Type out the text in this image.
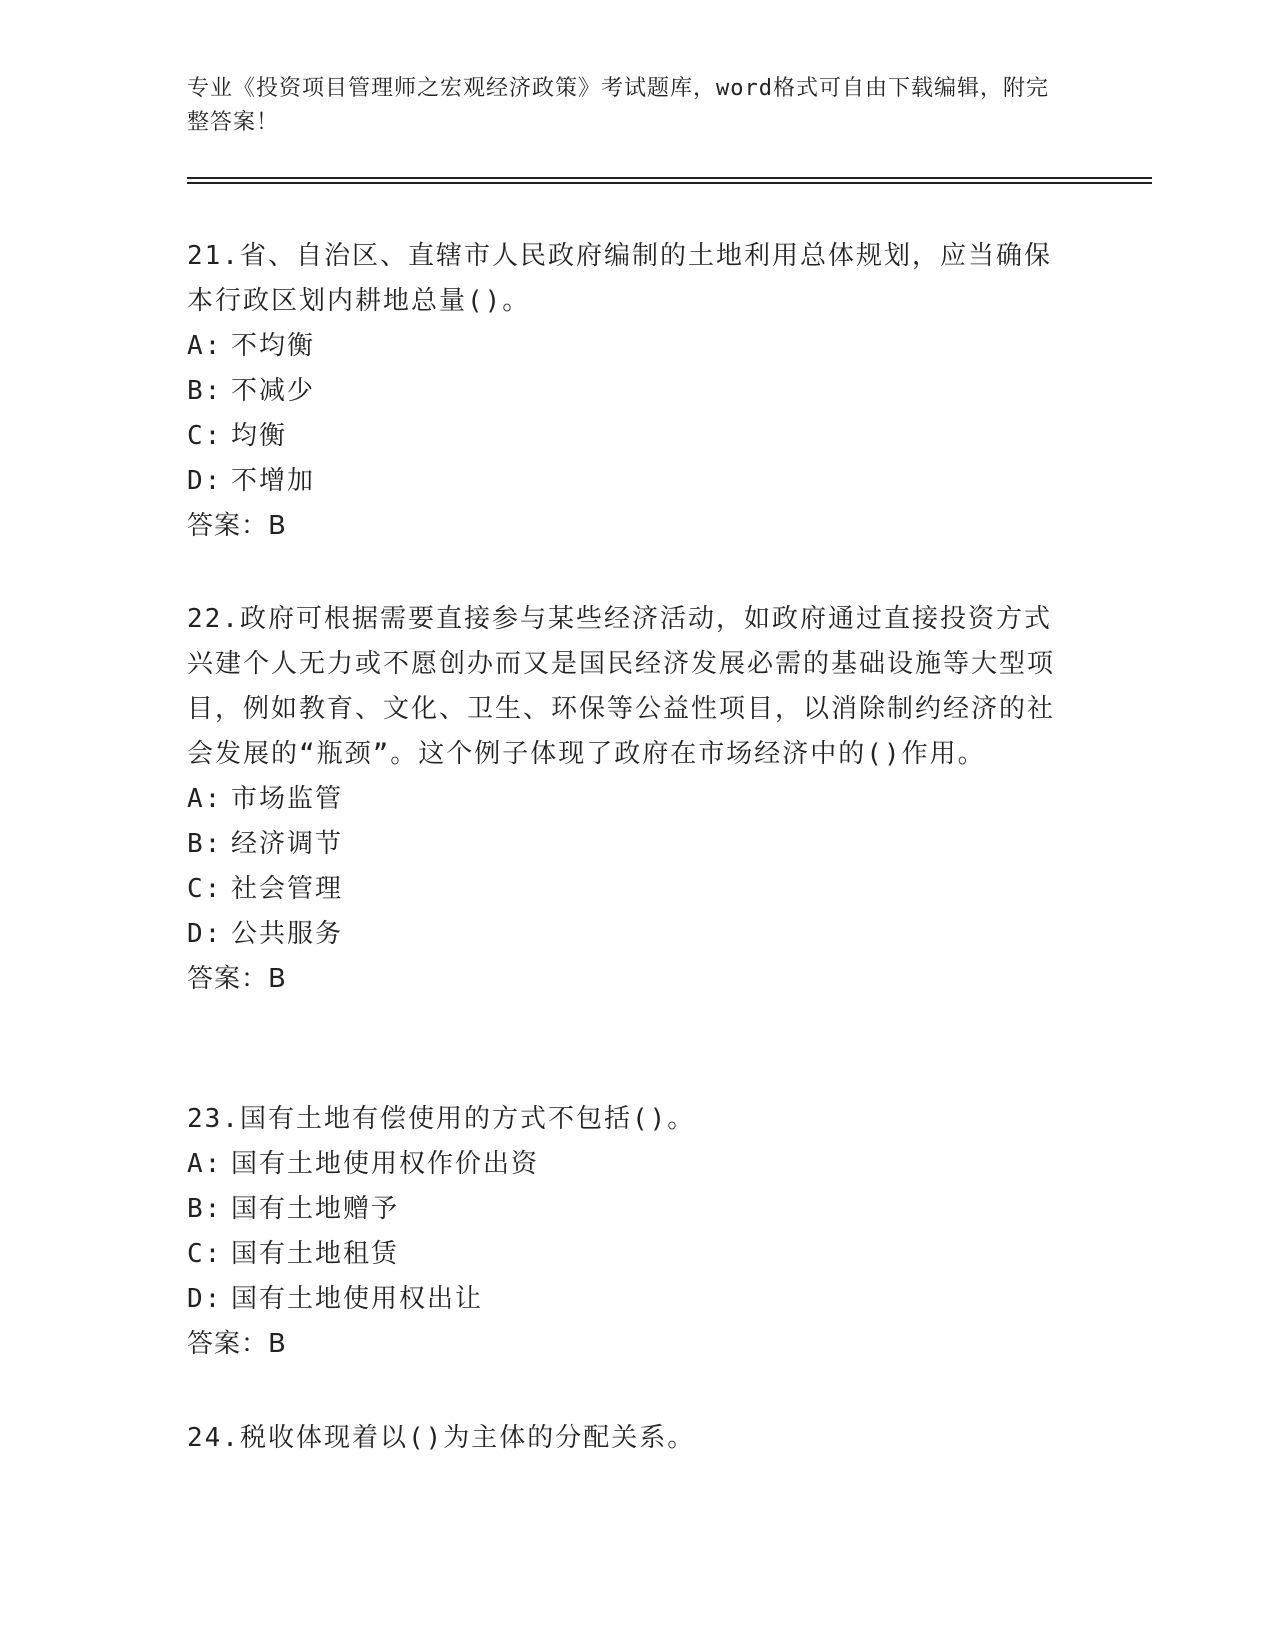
专业《投资项目管理师之宏观经济政策》考试题库，word格式可自由下载编辑，附完整答案！

21.省、自治区、直辖市人民政府编制的土地利用总体规划，应当确保本行政区划内耕地总量()。

A: 不均衡

B: 不减少

C: 均衡

D: 不增加

答案：B

22.政府可根据需要直接参与某些经济活动，如政府通过直接投资方式兴建个人无力或不愿创办而又是国民经济发展必需的基础设施等大型项目，例如教育、文化、卫生、环保等公益性项目，以消除制约经济的社会发展的“瓶颈”。这个例子体现了政府在市场经济中的()作用。

A: 市场监管

B: 经济调节

C: 社会管理

D: 公共服务

答案：B

23.国有土地有偿使用的方式不包括()。

A: 国有土地使用权作价出资

B: 国有土地赠予

C: 国有土地租赁

D: 国有土地使用权出让

答案：B

24.税收体现着以()为主体的分配关系。
